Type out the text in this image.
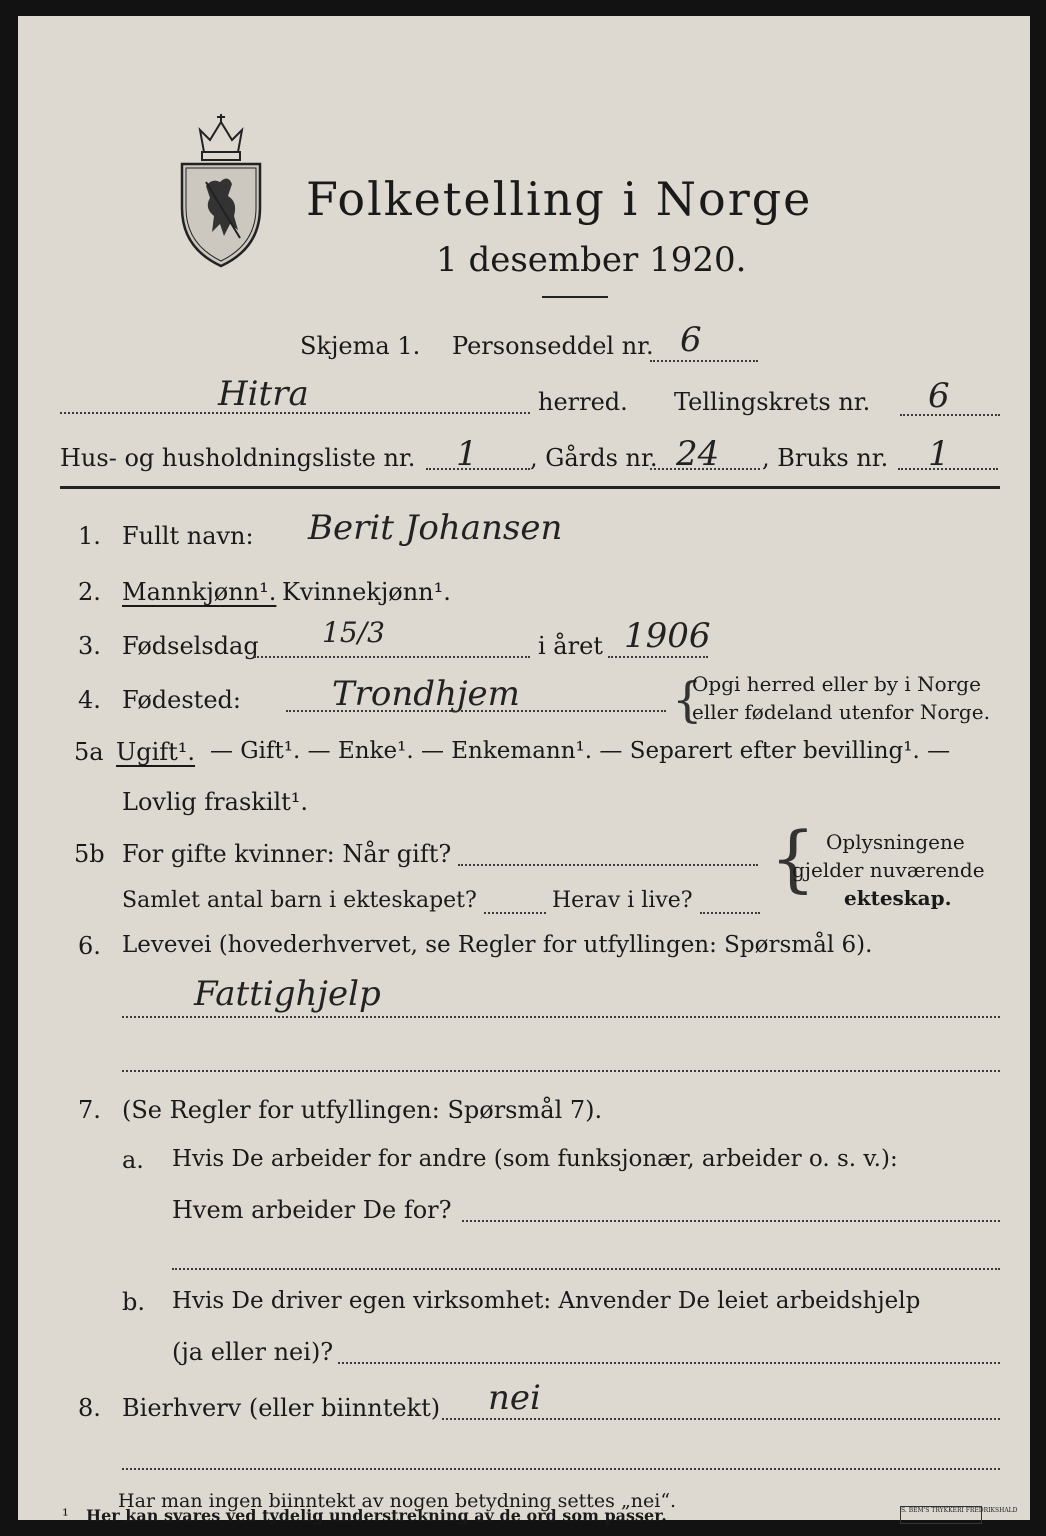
Folketelling i Norge
1 desember 1920.
Skjema 1. Personseddel nr. 6
Hitra	herred. Tellingskrets nr. 6
Hus- og husholdningsliste nr. 1 , Gårds nr. 24 , Bruks nr. 1
1. Fullt navn: Berit Johansen
2. Mannkjønn¹. Kvinnekjønn¹.
3. Fødselsdag 15/3	i året 1906
4. Fødested:	Trondhjem	{
Opgi herred eller by i Norge
eller fødeland utenfor Norge.
5a Ugift¹. — Gift¹. — Enke¹. — Enkemann¹. — Separert efter bevilling¹. —
Lovlig fraskilt¹.
5b For gifte kvinner: Når gift?
Samlet antal barn i ekteskapet?	Herav i live?
{ Oplysningene
gjelder nuværende
ekteskap.
6. Levevei (hovederhvervet, se Regler for utfyllingen: Spørsmål 6).
Fattighjelp
7. (Se Regler for utfyllingen: Spørsmål 7).
a. Hvis De arbeider for andre (som funksjonær, arbeider o. s. v.):
Hvem arbeider De for?
b. Hvis De driver egen virksomhet: Anvender De leiet arbeidshjelp
(ja eller nei)?
8. Bierhverv (eller biinntekt) nei
Har man ingen biinntekt av nogen betydning settes „nei“.
¹ Her kan svares ved tydelig understrekning av de ord som passer.	S. BEM'S TRYKKERI FREDRIKSHALD
